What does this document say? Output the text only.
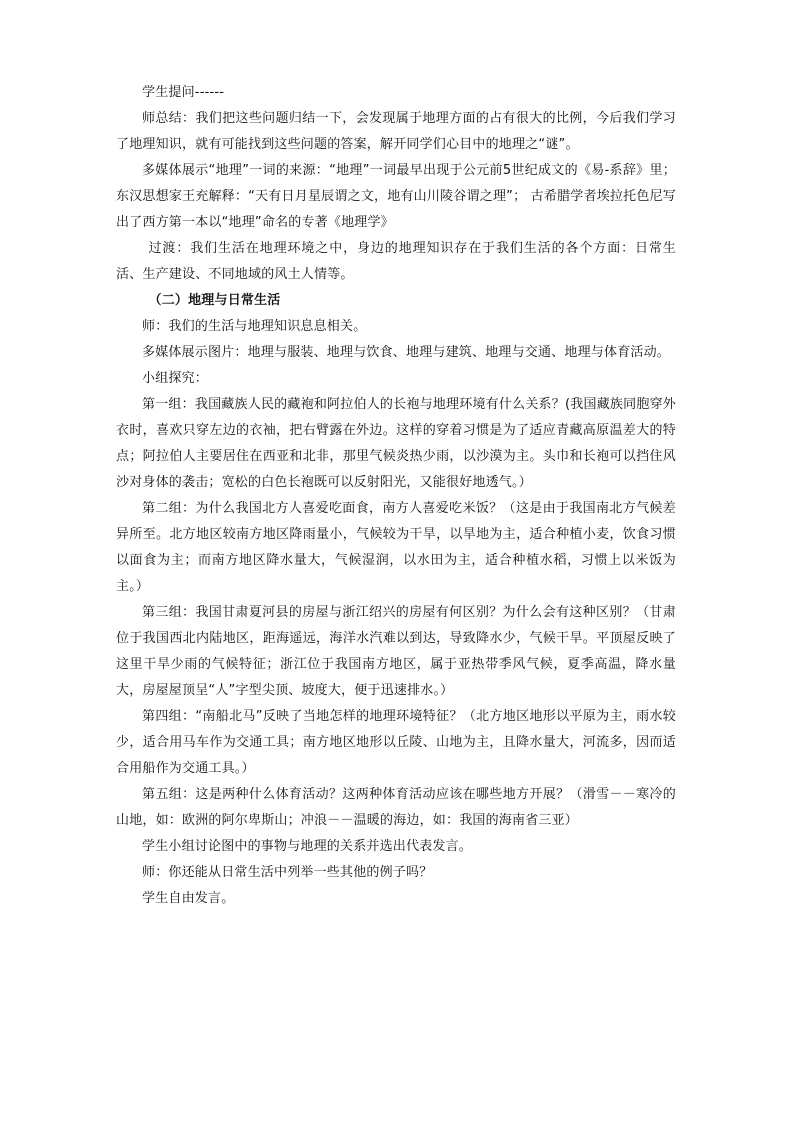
学生提问------

师总结：我们把这些问题归结一下，会发现属于地理方面的占有很大的比例，今后我们学习了地理知识，就有可能找到这些问题的答案，解开同学们心目中的地理之“谜”。

多媒体展示“地理”一词的来源：“地理”一词最早出现于公元前5世纪成文的《易-系辞》里；东汉思想家王充解释：“天有日月星辰谓之文，地有山川陵谷谓之理”； 古希腊学者埃拉托色尼写出了西方第一本以“地理”命名的专著《地理学》

过渡：我们生活在地理环境之中，身边的地理知识存在于我们生活的各个方面：日常生活、生产建设、不同地域的风土人情等。

（二）地理与日常生活

师：我们的生活与地理知识息息相关。

多媒体展示图片：地理与服装、地理与饮食、地理与建筑、地理与交通、地理与体育活动。

小组探究：

第一组：我国藏族人民的藏袍和阿拉伯人的长袍与地理环境有什么关系？(我国藏族同胞穿外衣时，喜欢只穿左边的衣袖，把右臂露在外边。这样的穿着习惯是为了适应青藏高原温差大的特点；阿拉伯人主要居住在西亚和北非，那里气候炎热少雨，以沙漠为主。头巾和长袍可以挡住风沙对身体的袭击；宽松的白色长袍既可以反射阳光，又能很好地透气。）

第二组：为什么我国北方人喜爱吃面食，南方人喜爱吃米饭？（这是由于我国南北方气候差异所至。北方地区较南方地区降雨量小，气候较为干旱，以旱地为主，适合种植小麦，饮食习惯以面食为主；而南方地区降水量大，气候湿润，以水田为主，适合种植水稻，习惯上以米饭为主。）

第三组：我国甘肃夏河县的房屋与浙江绍兴的房屋有何区别？为什么会有这种区别？（甘肃位于我国西北内陆地区，距海遥远，海洋水汽难以到达，导致降水少，气候干旱。平顶屋反映了这里干旱少雨的气候特征；浙江位于我国南方地区，属于亚热带季风气候，夏季高温，降水量大，房屋屋顶呈“人”字型尖顶、坡度大，便于迅速排水。）

第四组：“南船北马”反映了当地怎样的地理环境特征？（北方地区地形以平原为主，雨水较少，适合用马车作为交通工具；南方地区地形以丘陵、山地为主，且降水量大，河流多，因而适合用船作为交通工具。）

第五组：这是两种什么体育活动？这两种体育活动应该在哪些地方开展？（滑雪－－寒冷的山地，如：欧洲的阿尔卑斯山；冲浪－－温暖的海边，如：我国的海南省三亚）

学生小组讨论图中的事物与地理的关系并选出代表发言。

师：你还能从日常生活中列举一些其他的例子吗？

学生自由发言。
